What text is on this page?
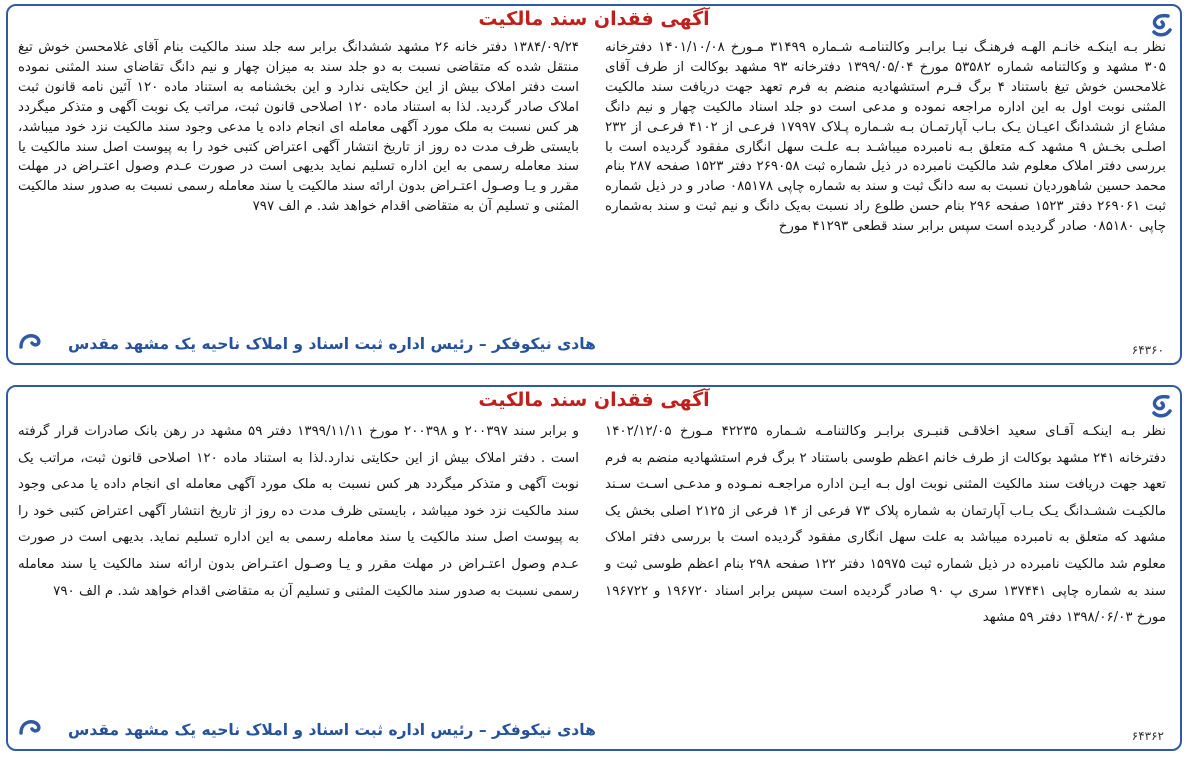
آگهی فقدان سند مالکیت
نظر بـه اینکـه خانـم الهـه فرهنـگ نیـا برابـر وکالتنامـه شـماره ۳۱۴۹۹ مـورخ ۱۴۰۱/۱۰/۰۸ دفترخانه ۳۰۵ مشهد و وکالتنامه شماره ۵۳۵۸۲ مورخ ۱۳۹۹/۰۵/۰۴ دفترخانه ۹۳ مشهد بوکالت از طرف آقای غلامحسن خوش تیغ باستناد ۴ برگ فـرم استشهادیه منضم به فرم تعهد جهت دریافت سند مالکیت المثنی نوبت اول به این اداره مراجعه نموده و مدعی است دو جلد اسناد مالکیت چهار و نیم دانگ مشاع از ششدانگ اعیـان یـک بـاب آپارتمـان بـه شـماره پـلاک ۱۷۹۹۷ فرعـی از ۴۱۰۲ فرعـی از ۲۳۲ اصلـی بخـش ۹ مشهد کـه متعلق بـه نامبرده میباشـد بـه علـت سهل انگاری مفقود گردیده است با بررسی دفتر املاک معلوم شد مالکیت نامبرده در ذیل شماره ثبت ۲۶۹۰۵۸ دفتر ۱۵۲۳ صفحه ۲۸۷ بنام محمد حسین شاهوردیان نسبت به سه دانگ ثبت و سند به شماره چاپی ۰۸۵۱۷۸ صادر و در ذیل شماره ثبت ۲۶۹۰۶۱ دفتر ۱۵۲۳ صفحه ۲۹۶ بنام حسن طلوع راد نسبت به‌یک دانگ و نیم ثبت و سند به‌شماره چاپی ۰۸۵۱۸۰ صادر گردیده است سپس برابر سند قطعی ۴۱۲۹۳ مورخ
۱۳۸۴/۰۹/۲۴ دفتر خانه ۲۶ مشهد ششدانگ برابر سه جلد سند مالکیت بنام آقای غلامحسن خوش تیغ منتقل شده که متقاضی نسبت به دو جلد سند به میزان چهار و نیم دانگ تقاضای سند المثنی نموده است دفتر املاک بیش از این حکایتی ندارد و این بخشنامه به استناد ماده ۱۲۰ آئین نامه قانون ثبت املاک صادر گردید. لذا به استناد ماده ۱۲۰ اصلاحی قانون ثبت، مراتب یک نوبت آگهی و متذکر میگردد هر کس نسبت به ملک مورد آگهی معامله ای انجام داده یا مدعی وجود سند مالکیت نزد خود میباشد، بایستی ظرف مدت ده روز از تاریخ انتشار آگهی اعتراض کتبی خود را به پیوست اصل سند مالکیت یا سند معامله رسمی به این اداره تسلیم نماید بدیهی است در صورت عـدم وصول اعتـراض در مهلت مقرر و یـا وصـول اعتـراض بدون ارائه سند مالکیت یا سند معامله رسمی نسبت به صدور سند مالکیت المثنی و تسلیم آن به متقاضی اقدام خواهد شد. م الف ۷۹۷
هادی نیکوفکر – رئیس اداره ثبت اسناد و املاک ناحیه یک مشهد مقدس	۶۴۳۶۰
آگهی فقدان سند مالکیت
نظر بـه اینکـه آقـای سعید اخلاقـی قنبـری برابـر وکالتنامـه شـماره ۴۲۲۳۵ مـورخ ۱۴۰۲/۱۲/۰۵ دفترخانه ۲۴۱ مشهد بوکالت از طرف خانم اعظم طوسی باستناد ۲ برگ فرم استشهادیه منضم به فرم تعهد جهت دریافت سند مالکیت المثنی نوبت اول بـه ایـن اداره مراجعـه نمـوده و مدعـی اسـت سـند مالکیـت ششـدانگ یـک بـاب آپارتمان به شماره پلاک ۷۳ فرعی از ۱۴ فرعی از ۲۱۲۵ اصلی بخش یک مشهد که متعلق به نامبرده میباشد به علت سهل انگاری مفقود گردیده است با بررسی دفتر املاک معلوم شد مالکیت نامبرده در ذیل شماره ثبت ۱۵۹۷۵ دفتر ۱۲۲ صفحه ۲۹۸ بنام اعظم طوسی ثبت و سند به شماره چاپی ۱۳۷۴۴۱ سری پ ۹۰ صادر گردیده است سپس برابر اسناد ۱۹۶۷۲۰ و ۱۹۶۷۲۲ مورخ ۱۳۹۸/۰۶/۰۳ دفتر ۵۹ مشهد
و برابر سند ۲۰۰۳۹۷ و ۲۰۰۳۹۸ مورخ ۱۳۹۹/۱۱/۱۱ دفتر ۵۹ مشهد در رهن بانک صادرات قرار گرفته است . دفتر املاک بیش از این حکایتی ندارد.لذا به استناد ماده ۱۲۰ اصلاحی قانون ثبت، مراتب یک نوبت آگهی و متذکر میگردد هر کس نسبت به ملک مورد آگهی معامله ای انجام داده یا مدعی وجود سند مالکیت نزد خود میباشد ، بایستی ظرف مدت ده روز از تاریخ انتشار آگهی اعتراض کتبی خود را به پیوست اصل سند مالکیت یا سند معامله رسمی به این اداره تسلیم نماید. بدیهی است در صورت عـدم وصول اعتـراض در مهلت مقرر و یـا وصـول اعتـراض بدون ارائه سند مالکیت یا سند معامله رسمی نسبت به صدور سند مالکیت المثنی و تسلیم آن به متقاضی اقدام خواهد شد. م الف ۷۹۰
هادی نیکوفکر – رئیس اداره ثبت اسناد و املاک ناحیه یک مشهد مقدس	۶۴۳۶۲
